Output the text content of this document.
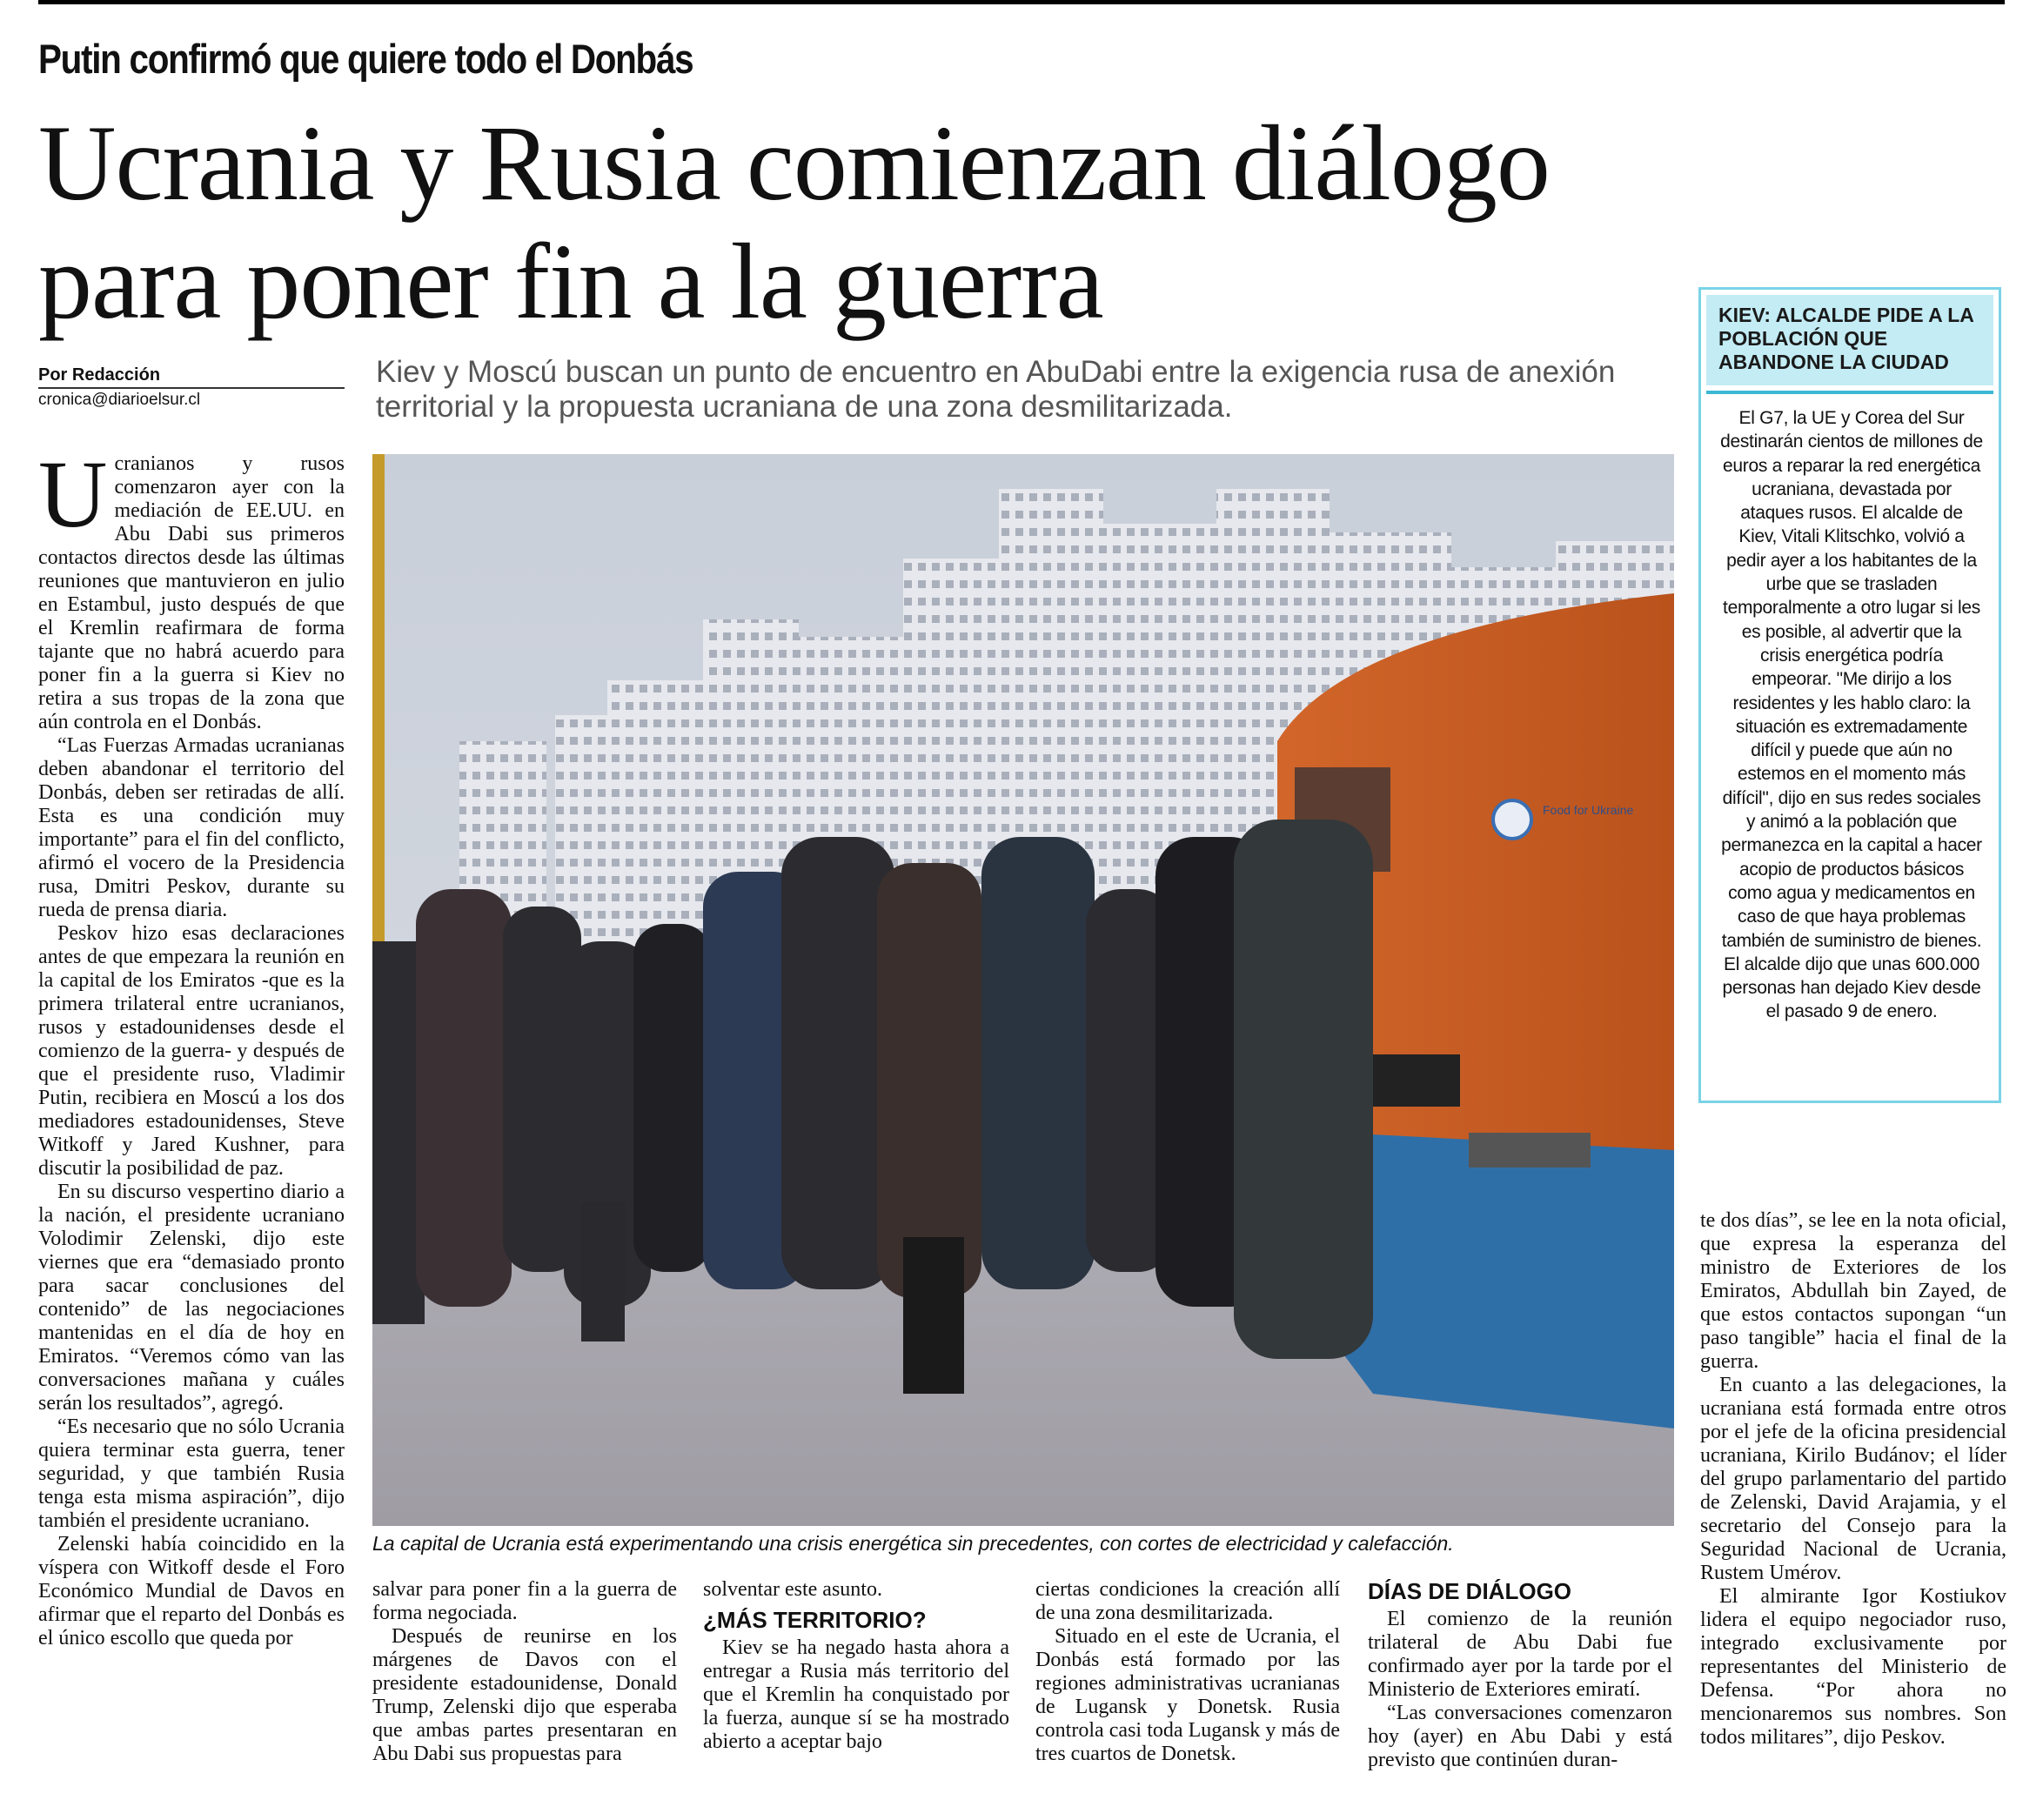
Putin confirmó que quiere todo el Donbás
Ucrania y Rusia comienzan diálogo
para poner fin a la guerra
Por Redacción
cronica@diarioelsur.cl

Kiev y Moscú buscan un punto de encuentro en AbuDabi entre la exigencia rusa de anexión territorial y la propuesta ucraniana de una zona desmilitarizada.

Food for Ukraine
La capital de Ucrania está experimentando una crisis energética sin precedentes, con cortes de electricidad y calefacción.
KIEV: ALCALDE PIDE A LA POBLACIÓN QUE ABANDONE LA CIUDAD
El G7, la UE y Corea del Sur destinarán cientos de millones de euros a reparar la red energética ucraniana, devastada por ataques rusos. El alcalde de Kiev, Vitali Klitschko, volvió a pedir ayer a los habitantes de la urbe que se trasladen temporalmente a otro lugar si les es posible, al advertir que la crisis energética podría empeorar. "Me dirijo a los residentes y les hablo claro: la situación es extremadamente difícil y puede que aún no estemos en el momento más difícil", dijo en sus redes sociales y animó a la población que permanezca en la capital a hacer acopio de productos básicos como agua y medicamentos en caso de que haya problemas también de suministro de bienes. El alcalde dijo que unas 600.000 personas han dejado Kiev desde el pasado 9 de enero.

Ucranianos y rusos comenzaron ayer con la mediación de EE.UU. en Abu Dabi sus primeros contactos directos desde las últimas reuniones que mantuvieron en julio en Estambul, justo después de que el Kremlin reafirmara de forma tajante que no habrá acuerdo para poner fin a la guerra si Kiev no retira a sus tropas de la zona que aún controla en el Donbás.

“Las Fuerzas Armadas ucranianas deben abandonar el territorio del Donbás, deben ser retiradas de allí. Esta es una condición muy importante” para el fin del conflicto, afirmó el vocero de la Presidencia rusa, Dmitri Peskov, durante su rueda de prensa diaria.

Peskov hizo esas declaraciones antes de que empezara la reunión en la capital de los Emiratos -que es la primera trilateral entre ucranianos, rusos y estadounidenses desde el comienzo de la guerra- y después de que el presidente ruso, Vladimir Putin, recibiera en Moscú a los dos mediadores estadounidenses, Steve Witkoff y Jared Kushner, para discutir la posibilidad de paz.

En su discurso vespertino diario a la nación, el presidente ucraniano Volodimir Zelenski, dijo este viernes que era “demasiado pronto para sacar conclusiones del contenido” de las negociaciones mantenidas en el día de hoy en Emiratos. “Veremos cómo van las conversaciones mañana y cuáles serán los resultados”, agregó.

“Es necesario que no sólo Ucrania quiera terminar esta guerra, tener seguridad, y que también Rusia tenga esta misma aspiración”, dijo también el presidente ucraniano.

Zelenski había coincidido en la víspera con Witkoff desde el Foro Económico Mundial de Davos en afirmar que el reparto del Donbás es el único escollo que queda por

salvar para poner fin a la guerra de forma negociada.

Después de reunirse en los márgenes de Davos con el presidente estadounidense, Donald Trump, Zelenski dijo que esperaba que ambas partes presentaran en Abu Dabi sus propuestas para

solventar este asunto.

¿MÁS TERRITORIO?

Kiev se ha negado hasta ahora a entregar a Rusia más territorio del que el Kremlin ha conquistado por la fuerza, aunque sí se ha mostrado abierto a aceptar bajo

ciertas condiciones la creación allí de una zona desmilitarizada.

Situado en el este de Ucrania, el Donbás está formado por las regiones administrativas ucranianas de Lugansk y Donetsk. Rusia controla casi toda Lugansk y más de tres cuartos de Donetsk.

DÍAS DE DIÁLOGO

El comienzo de la reunión trilateral de Abu Dabi fue confirmado ayer por la tarde por el Ministerio de Exteriores emiratí.

“Las conversaciones comenzaron hoy (ayer) en Abu Dabi y está previsto que continúen duran-

te dos días”, se lee en la nota oficial, que expresa la esperanza del ministro de Exteriores de los Emiratos, Abdullah bin Zayed, de que estos contactos supongan “un paso tangible” hacia el final de la guerra.

En cuanto a las delegaciones, la ucraniana está formada entre otros por el jefe de la oficina presidencial ucraniana, Kirilo Budánov; el líder del grupo parlamentario del partido de Zelenski, David Arajamia, y el secretario del Consejo para la Seguridad Nacional de Ucrania, Rustem Umérov.

El almirante Igor Kostiukov lidera el equipo negociador ruso, integrado exclusivamente por representantes del Ministerio de Defensa. “Por ahora no mencionaremos sus nombres. Son todos militares”, dijo Peskov.
